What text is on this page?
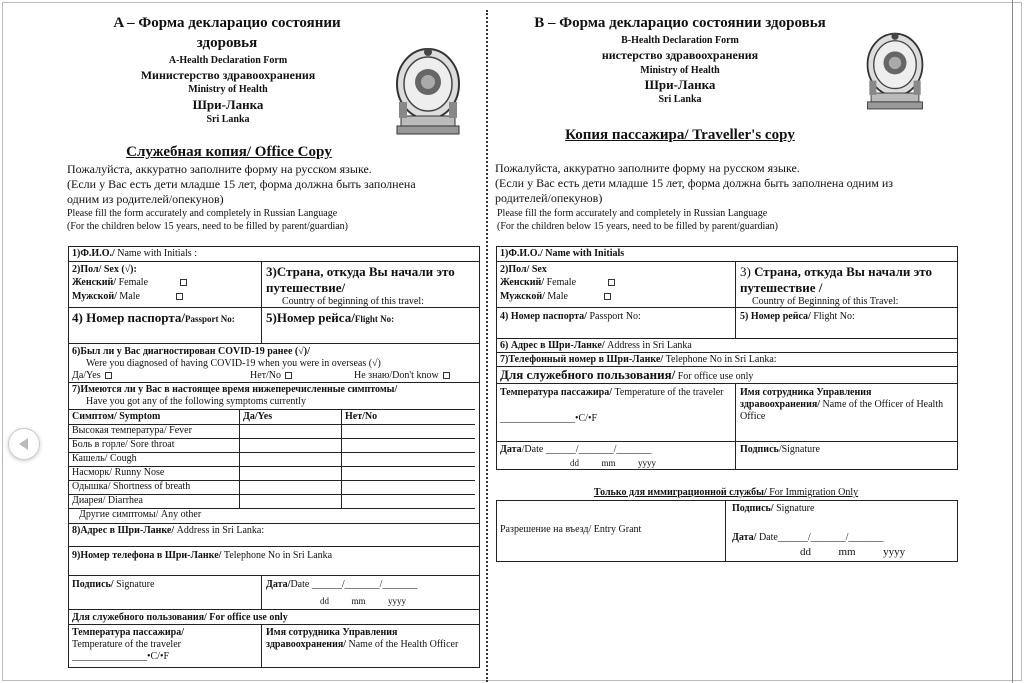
A – Форма декларацио состоянии
здоровья
A-Health Declaration Form
Министерство здравоохранения
Ministry of Health
Шри-Ланка
Sri Lanka
Служебная копия/ Office Copy
Пожалуйста, аккуратно заполните форму на русском языке.
(Если у Вас есть дети младше 15 лет, форма должна быть заполнена
одним из родителей/опекунов)
Please fill the form accurately and completely in Russian Language
(For the children below 15 years, need to be filled by parent/guardian)
1)Ф.И.О./ Name with Initials :
2)Пол/ Sex (√):
Женский/ Female
Мужской/ Male
3)Страна, откуда Вы начали это путешествие/
Country of beginning of this travel:
4) Номер паспорта/Passport No: 5)Номер рейса/Flight No:
6)Был ли у Вас диагностирован COVID-19 ранее (√)/
Were you diagnosed of having COVID-19 when you were in overseas (√)
Да/Yes	Нет/No	Не знаю/Don't know
7)Имеются ли у Вас в настоящее время нижеперечисленные симптомы/
Have you got any of the following symptoms currently
Симптом/ Symptom	Да/Yes	Нет/No
Высокая температура/ Fever
Боль в горле/ Sore throat
Кашель/ Cough
Насморк/ Runny Nose
Одышка/ Shortness of breath
Диарея/ Diarrhea
Другие симптомы/ Any other
8)Адрес в Шри-Ланке/ Address in Sri Lanka:
9)Номер телефона в Шри-Ланке/ Telephone No in Sri Lanka
Подпись/ Signature	Дата/Date ______/_______/_______
dd          mm          yyyy
Для служебного пользования/ For office use only
Температура пассажира/
Temperature of the traveler
_______________•C/•F
Имя сотрудника Управления здравоохранения/ Name of the Health Officer
B – Форма декларацио состоянии здоровья
B-Health Declaration Form
нистерство здравоохранения
Ministry of Health
Шри-Ланка
Sri Lanka
Копия пассажира/ Traveller's copy
Пожалуйста, аккуратно заполните форму на русском языке.
(Если у Вас есть дети младше 15 лет, форма должна быть заполнена одним из
родителей/опекунов)
Please fill the form accurately and completely in Russian Language
(For the children below 15 years, need to be filled by parent/guardian)
1)Ф.И.О./ Name with Initials
2)Пол/ Sex
Женский/ Female
Мужской/ Male
3) Страна, откуда Вы начали это путешествие /
Country of Beginning of this Travel:
4) Номер паспорта/ Passport No:	5) Номер рейса/ Flight No:
6) Адрес в Шри-Ланке/ Address in Sri Lanka
7)Телефонный номер в Шри-Ланке/ Telephone No in Sri Lanka:
Для служебного пользования/ For office use only
Температура пассажира/ Temperature of the traveler
_______________•C/•F
Имя сотрудника Управления здравоохранения/ Name of the Officer of Health Office
Дата/Date ______/_______/_______
dd          mm          yyyy
Подпись/Signature
Только для иммиграционной службы/ For Immigration Only
Разрешение на въезд/ Entry Grant
Подпись/ Signature
Дата/ Date______/_______/_______
dd          mm          yyyy
